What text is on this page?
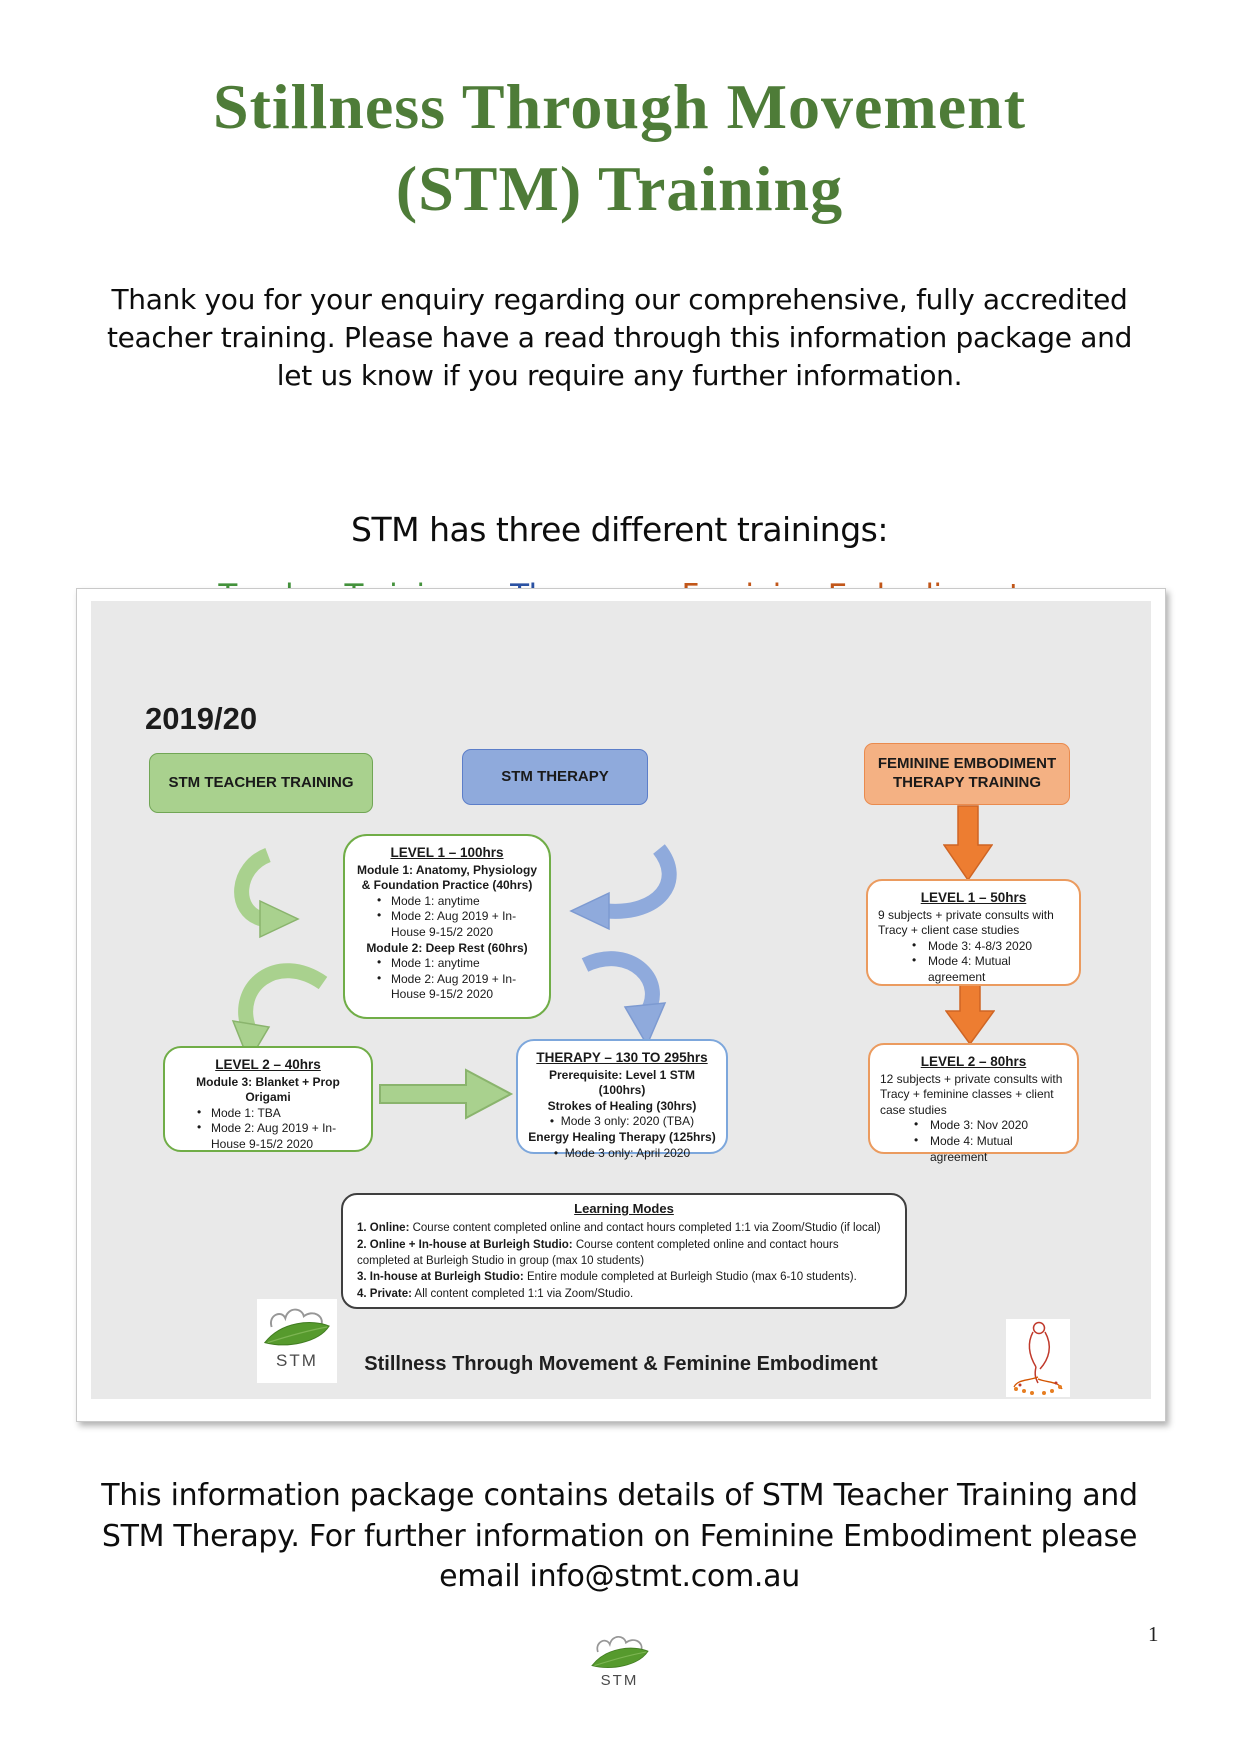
Stillness Through Movement
(STM) Training

Thank you for your enquiry regarding our comprehensive, fully accredited teacher training. Please have a read through this information package and let us know if you require any further information.

STM has three different trainings:

2019/20
STM TEACHER TRAINING	STM THERAPY
FEMININE EMBODIMENT THERAPY TRAINING
LEVEL 1 – 100hrs
Module 1: Anatomy, Physiology & Foundation Practice (40hrs)
• Mode 1: anytime
• Mode 2: Aug 2019 + In-House 9-15/2 2020
Module 2: Deep Rest (60hrs)
• Mode 1: anytime
• Mode 2: Aug 2019 + In-House 9-15/2 2020
LEVEL 2 – 40hrs
Module 3: Blanket + Prop Origami
• Mode 1: TBA
• Mode 2: Aug 2019 + In-House 9-15/2 2020
THERAPY – 130 TO 295hrs
Prerequisite: Level 1 STM (100hrs)
Strokes of Healing (30hrs)
•  Mode 3 only: 2020 (TBA)
Energy Healing Therapy (125hrs)
•  Mode 3 only: April 2020
LEVEL 1 – 50hrs
9 subjects + private consults with Tracy + client case studies
• Mode 3: 4-8/3 2020
• Mode 4: Mutual agreement
LEVEL 2 – 80hrs
12 subjects + private consults with Tracy + feminine classes + client case studies
• Mode 3: Nov 2020
• Mode 4: Mutual agreement
Learning Modes
1. Online: Course content completed online and contact hours completed 1:1 via Zoom/Studio (if local)
2. Online + In-house at Burleigh Studio: Course content completed online and contact hours completed at Burleigh Studio in group (max 10 students)
3. In-house at Burleigh Studio: Entire module completed at Burleigh Studio (max 6-10 students).
4. Private: All content completed 1:1 via Zoom/Studio.
STM	Stillness Through Movement & Feminine Embodiment

This information package contains details of STM Teacher Training and STM Therapy. For further information on Feminine Embodiment please email info@stmt.com.au

STM
1
